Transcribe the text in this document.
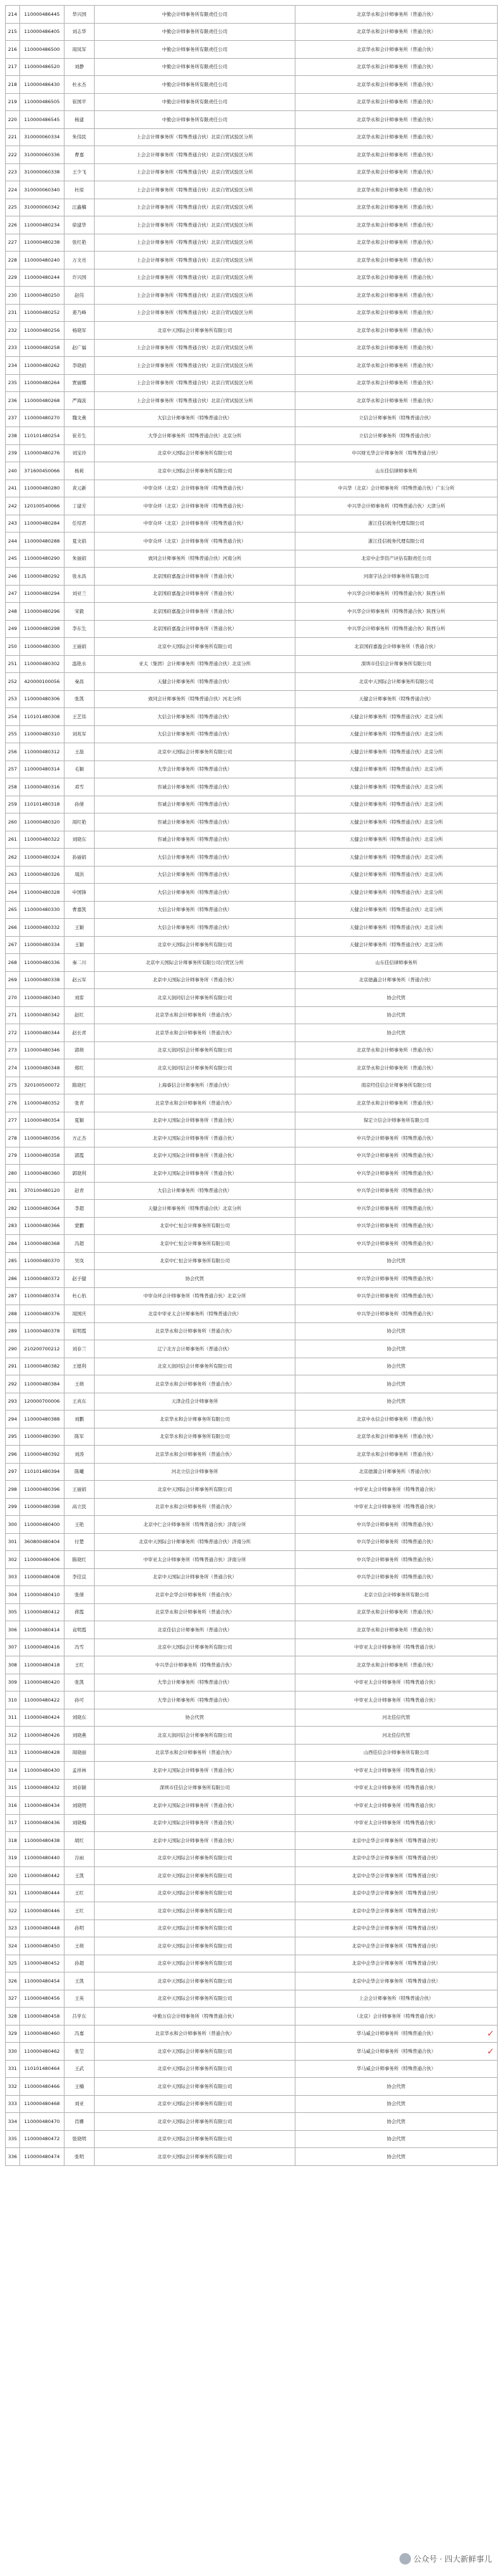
214	110000486445	华兴国	中勤会计师事务所有限责任公司	北京华永和会计师事务所（普通合伙）
215	110000486405	刘志华	中勤会计师事务所有限责任公司	北京华永和会计师事务所（普通合伙）
216	110000486500	周凤军	中勤会计师事务所有限责任公司	北京华永和会计师事务所（普通合伙）
217	110000486520	刘静	中勤会计师事务所有限责任公司	北京华永和会计师事务所（普通合伙）
218	110000486430	杜永杰	中勤会计师事务所有限责任公司	北京华永和会计师事务所（普通合伙）
219	110000486505	崔国平	中勤会计师事务所有限责任公司	北京华永和会计师事务所（普通合伙）
220	110000486545	杨建	中勤会计师事务所有限责任公司	北京华永和会计师事务所（普通合伙）
221	310000060334	朱伟民	上会会计师事务所（特殊普通合伙）北京自贸试验区分所	北京华永和会计师事务所（普通合伙）
222	310000060336	曹嘉	上会会计师事务所（特殊普通合伙）北京自贸试验区分所	北京华永和会计师事务所（普通合伙）
223	310000060338	王少飞	上会会计师事务所（特殊普通合伙）北京自贸试验区分所	北京华永和会计师事务所（普通合伙）
224	310000060340	杜琼	上会会计师事务所（特殊普通合伙）北京自贸试验区分所	北京华永和会计师事务所（普通合伙）
225	310000060342	汪鑫楠	上会会计师事务所（特殊普通合伙）北京自贸试验区分所	北京华永和会计师事务所（普通合伙）
226	110000480234	徐建华	上会会计师事务所（特殊普通合伙）北京自贸试验区分所	北京华永和会计师事务所（普通合伙）
227	110000480238	张红艳	上会会计师事务所（特殊普通合伙）北京自贸试验区分所	北京华永和会计师事务所（普通合伙）
228	110000480240	万文亮	上会会计师事务所（特殊普通合伙）北京自贸试验区分所	北京华永和会计师事务所（普通合伙）
229	110000480244	许兴国	上会会计师事务所（特殊普通合伙）北京自贸试验区分所	北京华永和会计师事务所（普通合伙）
230	110000480250	赵伟	上会会计师事务所（特殊普通合伙）北京自贸试验区分所	北京华永和会计师事务所（普通合伙）
231	110000480252	姜乃峰	上会会计师事务所（特殊普通合伙）北京自贸试验区分所	北京华永和会计师事务所（普通合伙）
232	110000480256	杨晓军	北京中天国际会计师事务所有限公司	北京华永和会计师事务所（普通合伙）
233	110000480258	赵广福	上会会计师事务所（特殊普通合伙）北京自贸试验区分所	北京华永和会计师事务所（普通合伙）
234	110000480262	李晓娟	上会会计师事务所（特殊普通合伙）北京自贸试验区分所	北京华永和会计师事务所（普通合伙）
235	110000480264	贾丽娜	上会会计师事务所（特殊普通合伙）北京自贸试验区分所	北京华永和会计师事务所（普通合伙）
236	110000480268	严海波	上会会计师事务所（特殊普通合伙）北京自贸试验区分所	北京华永和会计师事务所（普通合伙）
237	110000480270	魏文燕	大信会计师事务所（特殊普通合伙）	立信会计师事务所（特殊普通合伙）
238	110101480254	崔芳生	大华会计师事务所（特殊普通合伙）北京分所	立信会计师事务所（特殊普通合伙）
239	110000480276	刘宝玲	北京中天国际会计师事务所有限公司	中兴财光华会计师事务所（特殊普通合伙）
240	371600450066	杨莉	北京中天国际会计师事务所有限公司	山东佳信律师事务所
241	110000480280	黄元新	中审众环（北京）会计师事务所（特殊普通合伙）	中兴华（北京）会计师事务所（特殊普通合伙）广东分所
242	120100540066	丁建芳	中审众环（北京）会计师事务所（特殊普通合伙）	中兴华会计师事务所（特殊普通合伙）天津分所
243	110000480284	任绍君	中审众环（北京）会计师事务所（特殊普通合伙）	浙江佳信税务代理有限公司
244	110000480288	夏文娟	中审众环（北京）会计师事务所（特殊普通合伙）	浙江佳信税务代理有限公司
245	110000480290	朱丽娟	致同会计师事务所（特殊普通合伙）河南分所	北京中企华资产评估有限责任公司
246	110000480292	张永昌	北京国府嘉盈会计师事务所（普通合伙）	河南宇达会计师事务所有限公司
247	110000480294	刘亚兰	北京国府嘉盈会计师事务所（普通合伙）	中兴华会计师事务所（特殊普通合伙）陕西分所
248	110000480296	宋毅	北京国府嘉盈会计师事务所（普通合伙）	中兴华会计师事务所（特殊普通合伙）陕西分所
249	110000480298	李东生	北京国府嘉盈会计师事务所（普通合伙）	中兴华会计师事务所（特殊普通合伙）陕西分所
250	110000480300	王丽娟	北京中天国际会计师事务所有限公司	北京国府嘉盈会计师事务所（普通合伙）
251	110000480302	温艳水	亚太（集团）会计师事务所（特殊普通合伙）北京分所	深圳市佳信会计师事务所有限公司
252	420000100056	秦昌	天健会计师事务所（特殊普通合伙）	北京中天国际会计师事务所有限公司
253	110000480306	张凯	致同会计师事务所（特殊普通合伙）河北分所	天健会计师事务所（特殊普通合伙）
254	110101480308	王艺伟	大信会计师事务所（特殊普通合伙）	天健会计师事务所（特殊普通合伙）北京分所
255	110000480310	刘兆军	大信会计师事务所（特殊普通合伙）	天健会计师事务所（特殊普通合伙）北京分所
256	110000480312	王磊	北京中天国际会计师事务所有限公司	天健会计师事务所（特殊普通合伙）北京分所
257	110000480314	毛颖	大华会计师事务所（特殊普通合伙）	天健会计师事务所（特殊普通合伙）北京分所
258	110000480316	邓雪	容诚会计师事务所（特殊普通合伙）	天健会计师事务所（特殊普通合伙）北京分所
259	110101480318	孙倩	容诚会计师事务所（特殊普通合伙）	天健会计师事务所（特殊普通合伙）北京分所
260	110000480320	周红艳	容诚会计师事务所（特殊普通合伙）	天健会计师事务所（特殊普通合伙）北京分所
261	110000480322	刘晓东	容诚会计师事务所（特殊普通合伙）	天健会计师事务所（特殊普通合伙）北京分所
262	110000480324	孙丽娟	大信会计师事务所（特殊普通合伙）	天健会计师事务所（特殊普通合伙）北京分所
263	110000480326	周洪	大信会计师事务所（特殊普通合伙）	天健会计师事务所（特殊普通合伙）北京分所
264	110000480328	申国锋	大信会计师事务所（特殊普通合伙）	天健会计师事务所（特殊普通合伙）北京分所
265	110000480330	曹嘉凯	大信会计师事务所（特殊普通合伙）	天健会计师事务所（特殊普通合伙）北京分所
266	110000480332	王颖	大信会计师事务所（特殊普通合伙）	天健会计师事务所（特殊普通合伙）北京分所
267	110000480334	王颖	北京中天国际会计师事务所有限公司	天健会计师事务所（特殊普通合伙）北京分所
268	110000480336	秦二川	北京中天国际会计师事务所有限公司自贸区分所	山东佳信律师事务所
269	110000480338	赵云军	北京中天国际会计师事务所（普通合伙）	北京德鑫会计师事务所（普通合伙）
270	110000480340	刘雷	北京天润同信会计师事务所有限公司	协会代管
271	110000480342	赵红	北京华永和会计师事务所（普通合伙）	协会代管
272	110000480344	赵长青	北京华永和会计师事务所（普通合伙）	协会代管
273	110000480346	郭萌	北京天润同信会计师事务所有限公司	北京华永和会计师事务所（普通合伙）
274	110000480348	郑红	北京天润同信会计师事务所有限公司	北京华永和会计师事务所（普通合伙）
275	320100500072	陈晓红	上海睿信会计师事务所（普通合伙）	南京经佳信会计师事务所有限公司
276	110000480352	张青	北京华永和会计师事务所（普通合伙）	北京华永和会计师事务所（普通合伙）
277	110000480354	夏颖	北京中天国际会计师事务所（普通合伙）	保定立信会计师事务所有限公司
278	110000480356	方正杰	北京中天国际会计师事务所（普通合伙）	中兴华会计师事务所（特殊普通合伙）
279	110000480358	郭霞	北京中天国际会计师事务所（普通合伙）	中兴华会计师事务所（特殊普通合伙）
280	110000480360	郭晓利	北京中天国际会计师事务所（普通合伙）	中兴华会计师事务所（特殊普通合伙）
281	370100480120	赵青	大信会计师事务所（特殊普通合伙）	中兴华会计师事务所（特殊普通合伙）
282	110000480364	李超	天健会计师事务所（特殊普通合伙）北京分所	中兴华会计师事务所（特殊普通合伙）
283	110000480366	蒙鹏	北京中仁恒会计师事务所有限公司	中兴华会计师事务所（特殊普通合伙）
284	110000480368	冯超	北京中仁恒会计师事务所有限公司	中兴华会计师事务所（特殊普通合伙）
285	110000480370	吴岚	北京中仁恒会计师事务所有限公司	协会代管
286	110000480372	赵子健	协会代管	中兴华会计师事务所（特殊普通合伙）
287	110000480374	杜心怡	中审众环会计师事务所（特殊普通合伙）北京分所	中兴华会计师事务所（特殊普通合伙）
288	110000480376	周国庆	北京中审亚太会计师事务所（特殊普通合伙）	中兴华会计师事务所（特殊普通合伙）
289	110000480378	崔明霞	北京华永和会计师事务所（普通合伙）	协会代管
290	210200700212	刘春兰	辽宁北方会计师事务所（普通合伙）	协会代管
291	110000480382	王德利	北京天润同信会计师事务所有限公司	协会代管
292	110000480384	王萌	北京华永和会计师事务所（普通合伙）	协会代管
293	120000700006	王真东	天津企佳会计师事务所	协会代管
294	110000480388	刘鹏	北京华永和会计师事务所有限公司	北京中永信会计师事务所（普通合伙）
295	110000480390	陈军	北京华永和会计师事务所有限公司	北京华永和会计师事务所（普通合伙）
296	110000480392	刘涛	北京华永和会计师事务所（普通合伙）	北京华永和会计师事务所（普通合伙）
297	110101480394	陈曦	河北立信会计师事务所	北京德源会计师事务所（普通合伙）
298	110000480396	王丽娟	北京中天国际会计师事务所有限公司	中审亚太会计师事务所（特殊普通合伙）
299	110000480398	高立民	北京中永和会计师事务所（普通合伙）	中审亚太会计师事务所（特殊普通合伙）
300	110000480400	王艳	北京中仁会计师事务所（特殊普通合伙）济南分所	中兴华会计师事务所（特殊普通合伙）
301	360800480404	付楚	北京中天国际会计师事务所（特殊普通合伙）济南分所	中兴华会计师事务所（特殊普通合伙）
302	110000480406	陈晓红	中审亚太会计师事务所（特殊普通合伙）济南分所	中兴华会计师事务所（特殊普通合伙）
303	110000480408	李佳宜	北京中天国际会计师事务所（普通合伙）	中兴华会计师事务所（特殊普通合伙）
304	110000480410	张倩	北京中企华会计师事务所（普通合伙）	北京立信会计师事务所有限公司
305	110000480412	蒋霞	北京华永和会计师事务所（普通合伙）	北京华永和会计师事务所（普通合伙）
306	110000480414	袁明霞	北京佳信会计师事务所（普通合伙）	北京华永和会计师事务所（普通合伙）
307	110000480416	冯雪	北京中天国际会计师事务所有限公司	中审亚太会计师事务所（特殊普通合伙）
308	110000480418	王红	中兴华会计师事务所（特殊普通合伙）	北京华永和会计师事务所（普通合伙）
309	110000480420	张凯	大华会计师事务所（特殊普通合伙）	中审亚太会计师事务所（特殊普通合伙）
310	110000480422	孙可	大华会计师事务所（特殊普通合伙）	中审亚太会计师事务所（特殊普通合伙）
311	110000480424	刘晓东	协会代管	河北佳信代管
312	110000480426	刘晓燕	北京天润同信会计师事务所有限公司	河北佳信代管
313	110000480428	周晓丽	北京华永和会计师事务所（普通合伙）	山西佳信会计师事务所有限公司
314	110000480430	孟祥林	北京中天国际会计师事务所（普通合伙）	中审亚太会计师事务所（特殊普通合伙）
315	110000480432	刘春颖	深圳市佳信会计师事务所有限公司	中审亚太会计师事务所（特殊普通合伙）
316	110000480434	刘晓明	北京中天国际会计师事务所（普通合伙）	中审亚太会计师事务所（特殊普通合伙）
317	110000480436	刘晓梅	北京中天国际会计师事务所（普通合伙）	中审亚太会计师事务所（特殊普通合伙）
318	110000480438	胡红	北京中天国际会计师事务所（普通合伙）	北京中企华会计师事务所（特殊普通合伙）
319	110000480440	谷雨	北京中天国际会计师事务所有限公司	北京中企华会计师事务所（特殊普通合伙）
320	110000480442	王凯	北京中天国际会计师事务所有限公司	北京中企华会计师事务所（特殊普通合伙）
321	110000480444	王红	北京中天国际会计师事务所有限公司	北京中企华会计师事务所（特殊普通合伙）
322	110000480446	王红	北京中天国际会计师事务所有限公司	北京中企华会计师事务所（特殊普通合伙）
323	110000480448	孙明	北京中天国际会计师事务所有限公司	北京中企华会计师事务所（特殊普通合伙）
324	110000480450	王萌	北京中天国际会计师事务所有限公司	北京中企华会计师事务所（特殊普通合伙）
325	110000480452	孙超	北京中天国际会计师事务所有限公司	北京中企华会计师事务所（特殊普通合伙）
326	110000480454	王凯	北京中天国际会计师事务所有限公司	北京中企华会计师事务所（特殊普通合伙）
327	110000480456	王英	北京中天国际会计师事务所有限公司	上会会计师事务所（特殊普通合伙）
328	110000480458	吕学东	中勤万信会计师事务所（特殊普通合伙）	（北京）会计师事务所（特殊普通合伙）
329	110000480460	冯嘉	北京华永和会计师事务所（普通合伙）	华马威会计师事务所（特殊普通合伙） ✓

330	110000480462	张莹	北京中天国际会计师事务所有限公司	华马威会计师事务所（特殊普通合伙） ✓

331	110101480464	王武	北京中天国际会计师事务所有限公司	华马威会计师事务所（特殊普通合伙）
332	110000480466	王楠	北京中天国际会计师事务所有限公司	协会代管
333	110000480468	刘亚	北京中天国际会计师事务所有限公司	协会代管
334	110000480470	肖姗	北京中天国际会计师事务所有限公司	协会代管
335	110000480472	张晓明	北京中天国际会计师事务所有限公司	协会代管
336	110000480474	张明	北京中天国际会计师事务所有限公司	协会代管
公众号 · 四大新鲜事儿
